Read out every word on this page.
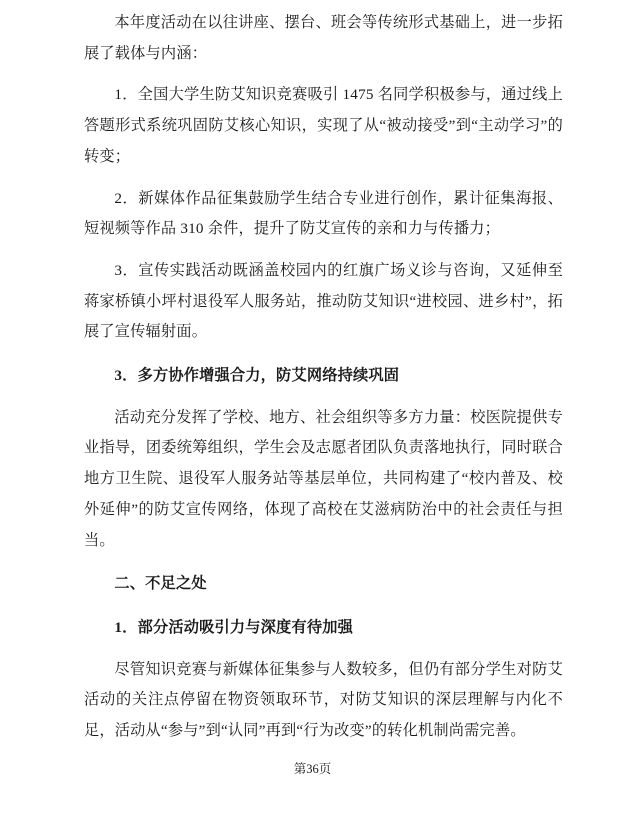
本年度活动在以往讲座、摆台、班会等传统形式基础上，进一步拓展了载体与内涵：

1．全国大学生防艾知识竞赛吸引 1475 名同学积极参与，通过线上答题形式系统巩固防艾核心知识，实现了从“被动接受”到“主动学习”的转变；

2．新媒体作品征集鼓励学生结合专业进行创作，累计征集海报、短视频等作品 310 余件，提升了防艾宣传的亲和力与传播力；

3．宣传实践活动既涵盖校园内的红旗广场义诊与咨询，又延伸至蒋家桥镇小坪村退役军人服务站，推动防艾知识“进校园、进乡村”，拓展了宣传辐射面。

3．多方协作增强合力，防艾网络持续巩固

活动充分发挥了学校、地方、社会组织等多方力量：校医院提供专业指导，团委统筹组织，学生会及志愿者团队负责落地执行，同时联合地方卫生院、退役军人服务站等基层单位，共同构建了“校内普及、校外延伸”的防艾宣传网络，体现了高校在艾滋病防治中的社会责任与担当。

二、不足之处

1．部分活动吸引力与深度有待加强

尽管知识竞赛与新媒体征集参与人数较多，但仍有部分学生对防艾活动的关注点停留在物资领取环节，对防艾知识的深层理解与内化不足，活动从“参与”到“认同”再到“行为改变”的转化机制尚需完善。

第36页
